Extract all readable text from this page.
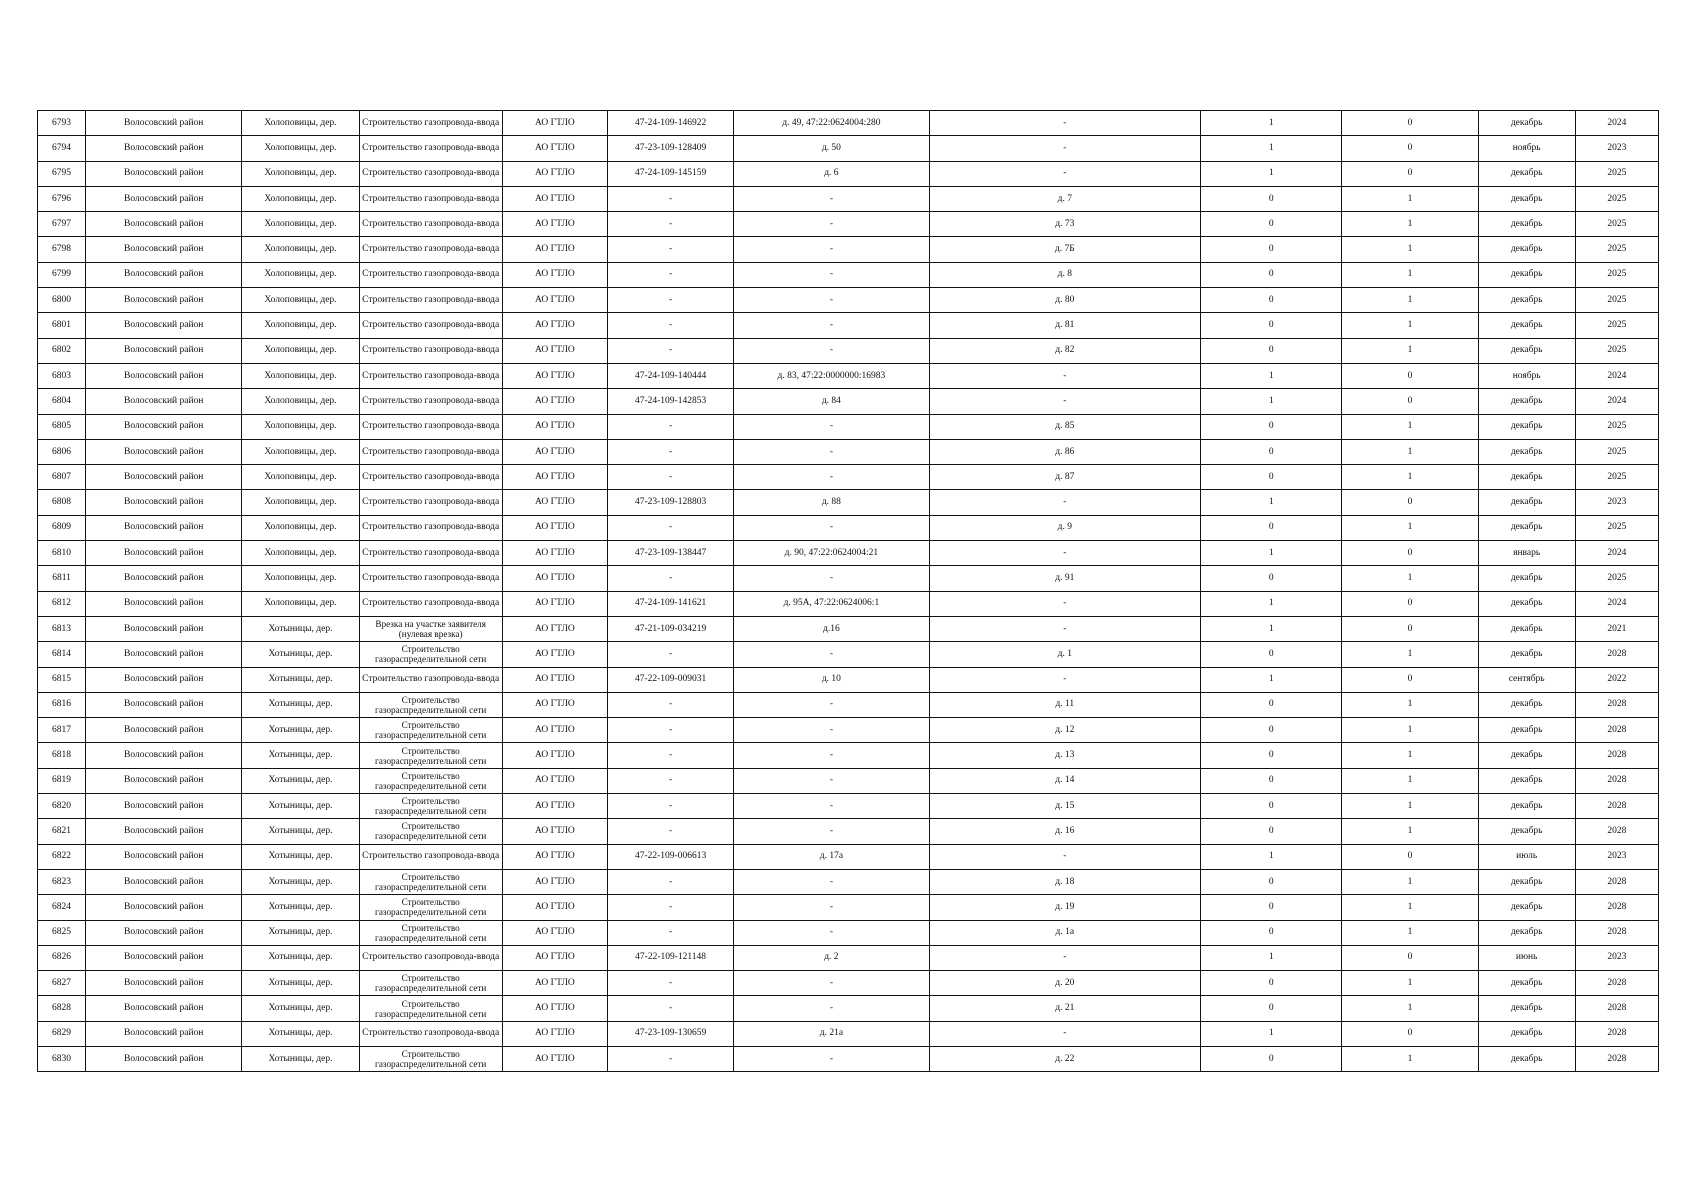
6793	Волосовский район	Холоповицы, дер.	Строительство газопровода-ввода	АО ГТЛО	47-24-109-146922	д. 49, 47:22:0624004:280	-	1	0	декабрь	2024
6794	Волосовский район	Холоповицы, дер.	Строительство газопровода-ввода	АО ГТЛО	47-23-109-128409	д. 50	-	1	0	ноябрь	2023
6795	Волосовский район	Холоповицы, дер.	Строительство газопровода-ввода	АО ГТЛО	47-24-109-145159	д. 6	-	1	0	декабрь	2025
6796	Волосовский район	Холоповицы, дер.	Строительство газопровода-ввода	АО ГТЛО	-	-	д. 7	0	1	декабрь	2025
6797	Волосовский район	Холоповицы, дер.	Строительство газопровода-ввода	АО ГТЛО	-	-	д. 73	0	1	декабрь	2025
6798	Волосовский район	Холоповицы, дер.	Строительство газопровода-ввода	АО ГТЛО	-	-	д. 7Б	0	1	декабрь	2025
6799	Волосовский район	Холоповицы, дер.	Строительство газопровода-ввода	АО ГТЛО	-	-	д. 8	0	1	декабрь	2025
6800	Волосовский район	Холоповицы, дер.	Строительство газопровода-ввода	АО ГТЛО	-	-	д. 80	0	1	декабрь	2025
6801	Волосовский район	Холоповицы, дер.	Строительство газопровода-ввода	АО ГТЛО	-	-	д. 81	0	1	декабрь	2025
6802	Волосовский район	Холоповицы, дер.	Строительство газопровода-ввода	АО ГТЛО	-	-	д. 82	0	1	декабрь	2025
6803	Волосовский район	Холоповицы, дер.	Строительство газопровода-ввода	АО ГТЛО	47-24-109-140444	д. 83, 47:22:0000000:16983	-	1	0	ноябрь	2024
6804	Волосовский район	Холоповицы, дер.	Строительство газопровода-ввода	АО ГТЛО	47-24-109-142853	д. 84	-	1	0	декабрь	2024
6805	Волосовский район	Холоповицы, дер.	Строительство газопровода-ввода	АО ГТЛО	-	-	д. 85	0	1	декабрь	2025
6806	Волосовский район	Холоповицы, дер.	Строительство газопровода-ввода	АО ГТЛО	-	-	д. 86	0	1	декабрь	2025
6807	Волосовский район	Холоповицы, дер.	Строительство газопровода-ввода	АО ГТЛО	-	-	д. 87	0	1	декабрь	2025
6808	Волосовский район	Холоповицы, дер.	Строительство газопровода-ввода	АО ГТЛО	47-23-109-128803	д. 88	-	1	0	декабрь	2023
6809	Волосовский район	Холоповицы, дер.	Строительство газопровода-ввода	АО ГТЛО	-	-	д. 9	0	1	декабрь	2025
6810	Волосовский район	Холоповицы, дер.	Строительство газопровода-ввода	АО ГТЛО	47-23-109-138447	д. 90, 47:22:0624004:21	-	1	0	январь	2024
6811	Волосовский район	Холоповицы, дер.	Строительство газопровода-ввода	АО ГТЛО	-	-	д. 91	0	1	декабрь	2025
6812	Волосовский район	Холоповицы, дер.	Строительство газопровода-ввода	АО ГТЛО	47-24-109-141621	д. 95А, 47:22:0624006:1	-	1	0	декабрь	2024
6813	Волосовский район	Хотыницы, дер.	Врезка на участке заявителя (нулевая врезка)	АО ГТЛО	47-21-109-034219	д.16	-	1	0	декабрь	2021
6814	Волосовский район	Хотыницы, дер.	Строительство газораспределительной сети	АО ГТЛО	-	-	д. 1	0	1	декабрь	2028
6815	Волосовский район	Хотыницы, дер.	Строительство газопровода-ввода	АО ГТЛО	47-22-109-009031	д. 10	-	1	0	сентябрь	2022
6816	Волосовский район	Хотыницы, дер.	Строительство газораспределительной сети	АО ГТЛО	-	-	д. 11	0	1	декабрь	2028
6817	Волосовский район	Хотыницы, дер.	Строительство газораспределительной сети	АО ГТЛО	-	-	д. 12	0	1	декабрь	2028
6818	Волосовский район	Хотыницы, дер.	Строительство газораспределительной сети	АО ГТЛО	-	-	д. 13	0	1	декабрь	2028
6819	Волосовский район	Хотыницы, дер.	Строительство газораспределительной сети	АО ГТЛО	-	-	д. 14	0	1	декабрь	2028
6820	Волосовский район	Хотыницы, дер.	Строительство газораспределительной сети	АО ГТЛО	-	-	д. 15	0	1	декабрь	2028
6821	Волосовский район	Хотыницы, дер.	Строительство газораспределительной сети	АО ГТЛО	-	-	д. 16	0	1	декабрь	2028
6822	Волосовский район	Хотыницы, дер.	Строительство газопровода-ввода	АО ГТЛО	47-22-109-006613	д. 17а	-	1	0	июль	2023
6823	Волосовский район	Хотыницы, дер.	Строительство газораспределительной сети	АО ГТЛО	-	-	д. 18	0	1	декабрь	2028
6824	Волосовский район	Хотыницы, дер.	Строительство газораспределительной сети	АО ГТЛО	-	-	д. 19	0	1	декабрь	2028
6825	Волосовский район	Хотыницы, дер.	Строительство газораспределительной сети	АО ГТЛО	-	-	д. 1а	0	1	декабрь	2028
6826	Волосовский район	Хотыницы, дер.	Строительство газопровода-ввода	АО ГТЛО	47-22-109-121148	д. 2	-	1	0	июнь	2023
6827	Волосовский район	Хотыницы, дер.	Строительство газораспределительной сети	АО ГТЛО	-	-	д. 20	0	1	декабрь	2028
6828	Волосовский район	Хотыницы, дер.	Строительство газораспределительной сети	АО ГТЛО	-	-	д. 21	0	1	декабрь	2028
6829	Волосовский район	Хотыницы, дер.	Строительство газопровода-ввода	АО ГТЛО	47-23-109-130659	д. 21а	-	1	0	декабрь	2028
6830	Волосовский район	Хотыницы, дер.	Строительство газораспределительной сети	АО ГТЛО	-	-	д. 22	0	1	декабрь	2028
